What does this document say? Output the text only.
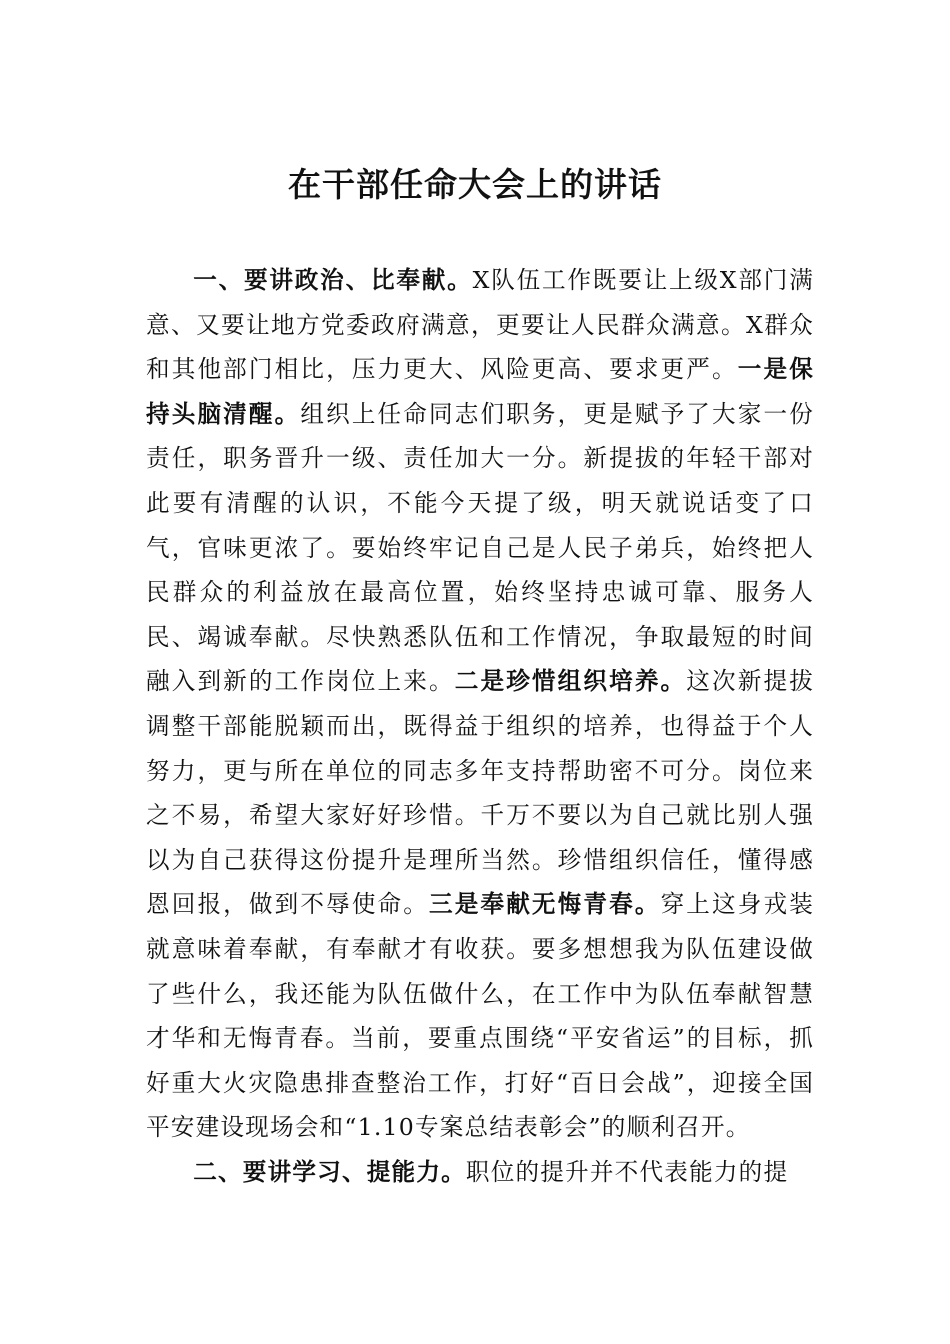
在干部任命大会上的讲话

一、要讲政治、比奉献。X队伍工作既要让上级X部门满意、又要让地方党委政府满意，更要让人民群众满意。X群众和其他部门相比，压力更大、风险更高、要求更严。一是保持头脑清醒。组织上任命同志们职务，更是赋予了大家一份责任，职务晋升一级、责任加大一分。新提拔的年轻干部对此要有清醒的认识，不能今天提了级，明天就说话变了口气，官味更浓了。要始终牢记自己是人民子弟兵，始终把人民群众的利益放在最高位置，始终坚持忠诚可靠、服务人民、竭诚奉献。尽快熟悉队伍和工作情况，争取最短的时间融入到新的工作岗位上来。二是珍惜组织培养。这次新提拔调整干部能脱颖而出，既得益于组织的培养，也得益于个人努力，更与所在单位的同志多年支持帮助密不可分。岗位来之不易，希望大家好好珍惜。千万不要以为自己就比别人强以为自己获得这份提升是理所当然。珍惜组织信任，懂得感恩回报，做到不辱使命。三是奉献无悔青春。穿上这身戎装就意味着奉献，有奉献才有收获。要多想想我为队伍建设做了些什么，我还能为队伍做什么，在工作中为队伍奉献智慧才华和无悔青春。当前，要重点围绕“平安省运”的目标，抓好重大火灾隐患排查整治工作，打好“百日会战”，迎接全国平安建设现场会和“1.10专案总结表彰会”的顺利召开。

二、要讲学习、提能力。职位的提升并不代表能力的提
